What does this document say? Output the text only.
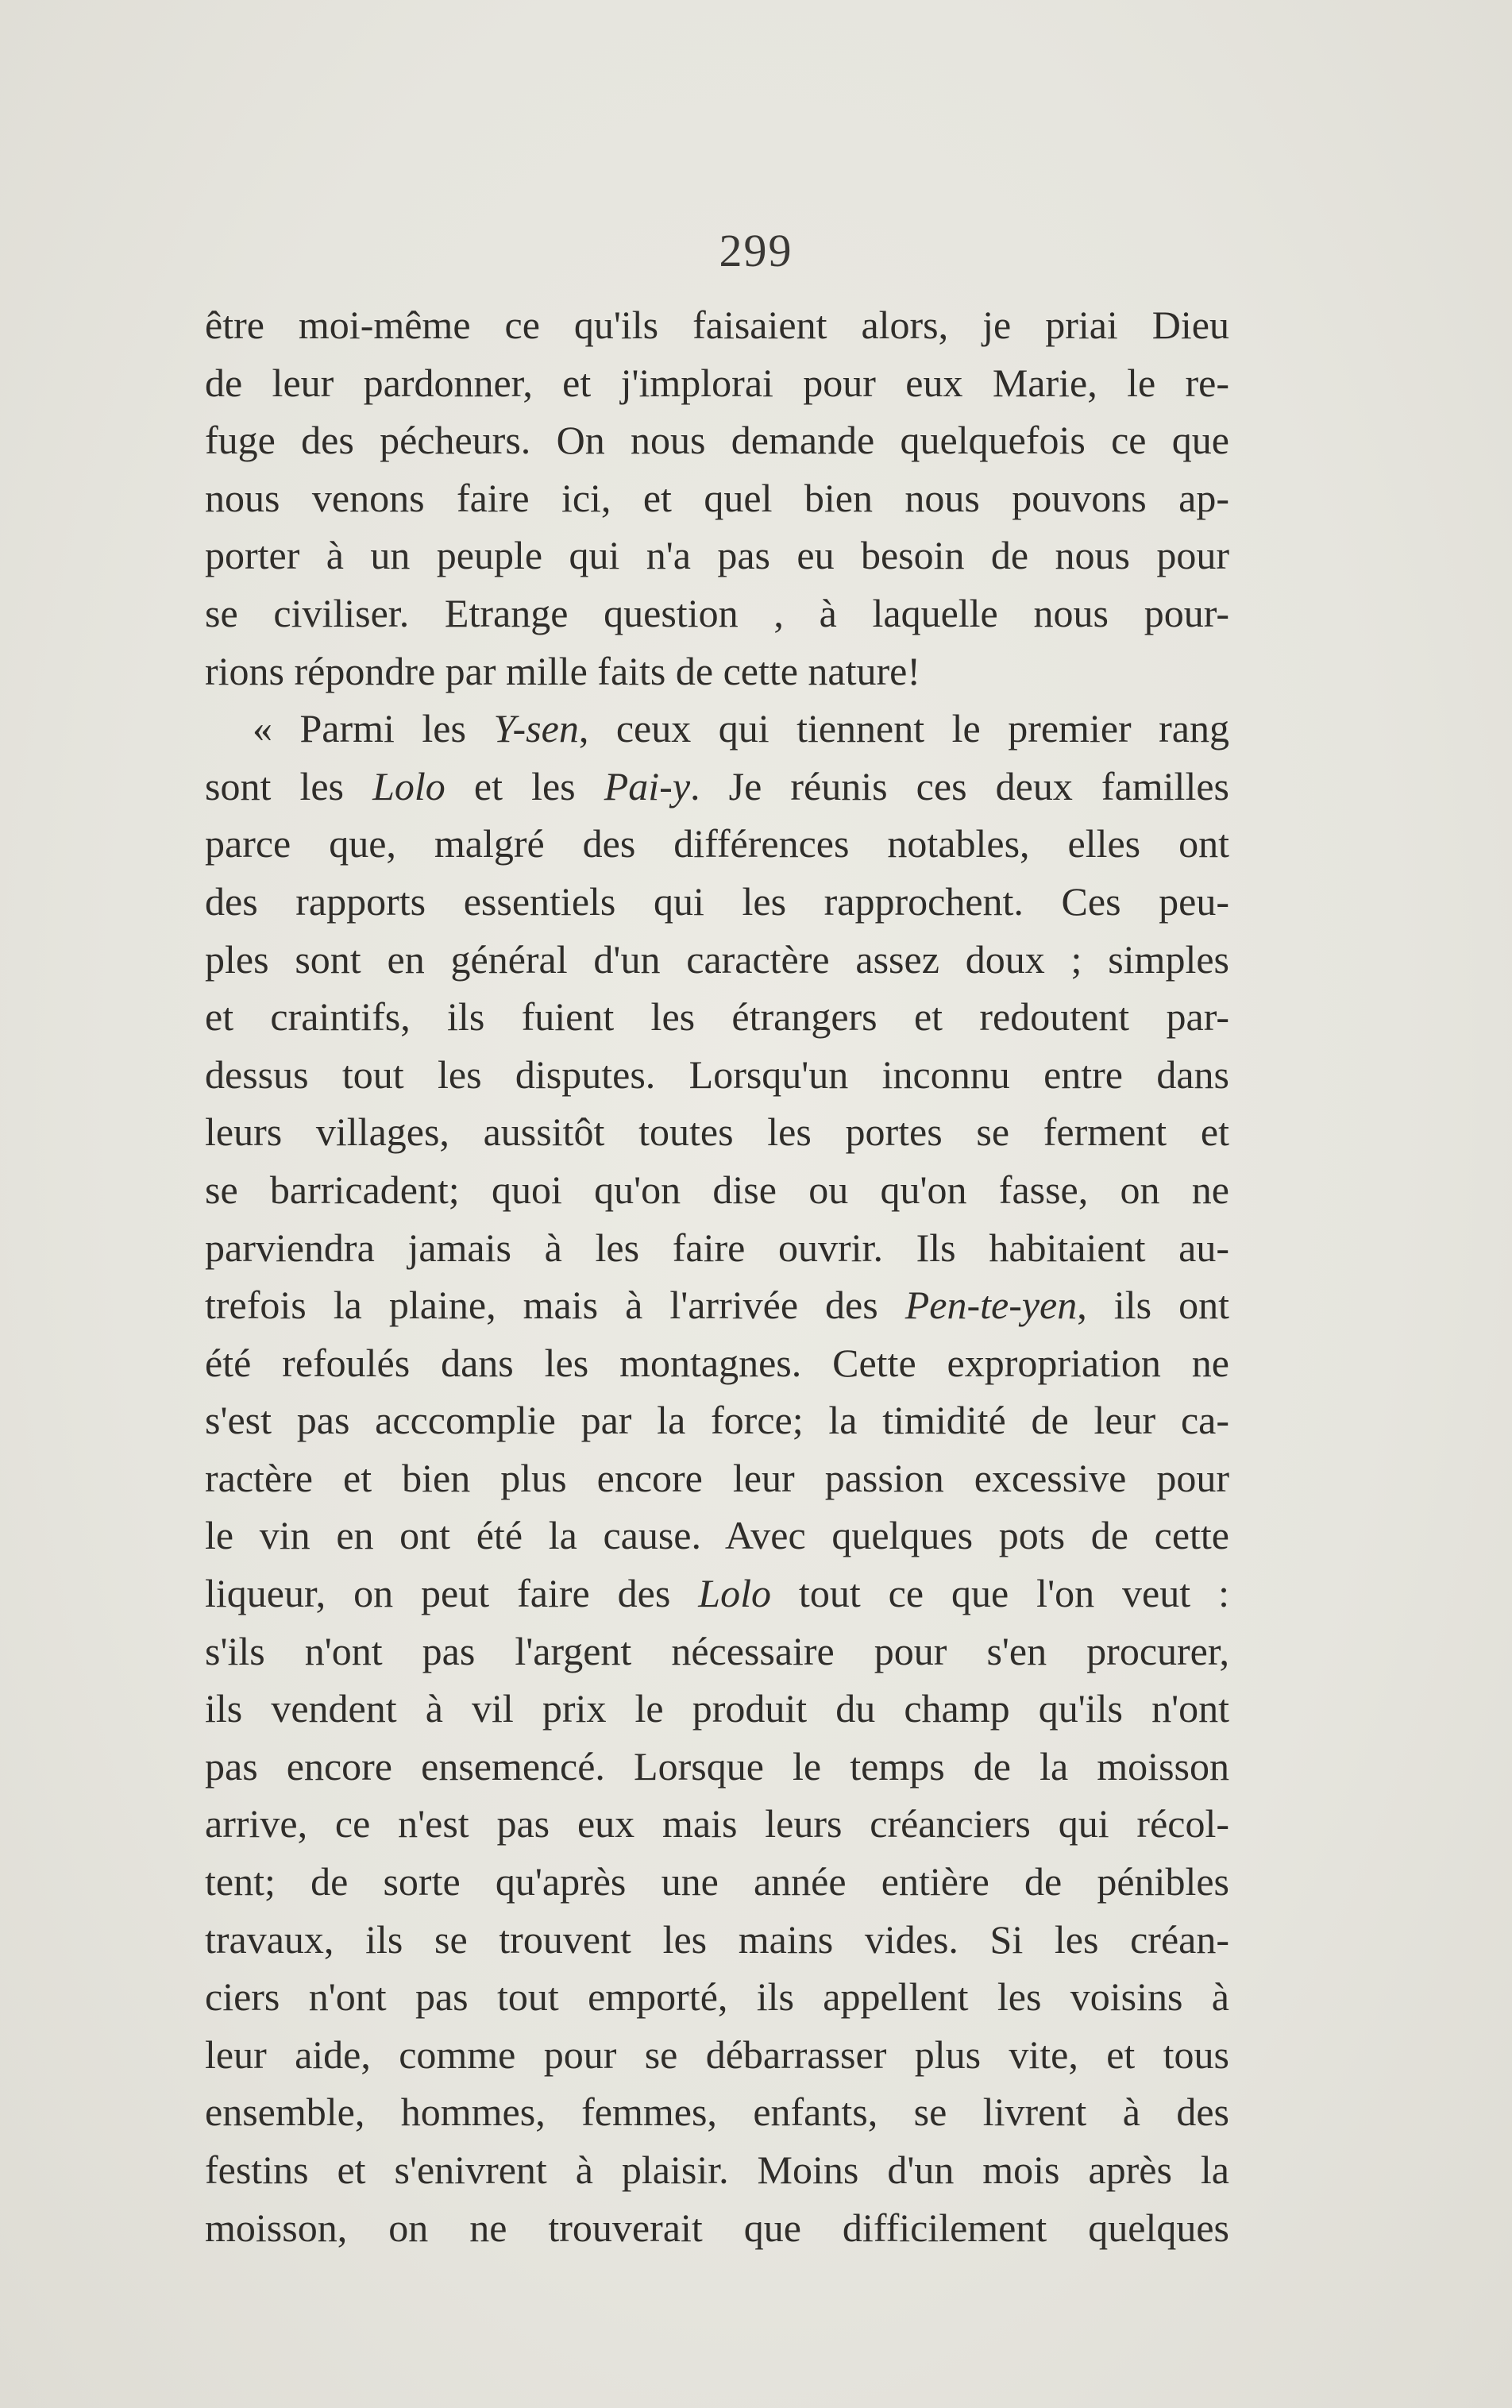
299
être moi-même ce qu'ils faisaient alors, je priai Dieu
de leur pardonner, et j'implorai pour eux Marie, le re-
fuge des pécheurs. On nous demande quelquefois ce que
nous venons faire ici, et quel bien nous pouvons ap-
porter à un peuple qui n'a pas eu besoin de nous pour
se civiliser. Etrange question , à laquelle nous pour-
rions répondre par mille faits de cette nature!
« Parmi les Y-sen, ceux qui tiennent le premier rang
sont les Lolo et les Pai-y. Je réunis ces deux familles
parce que, malgré des différences notables, elles ont
des rapports essentiels qui les rapprochent. Ces peu-
ples sont en général d'un caractère assez doux ; simples
et craintifs, ils fuient les étrangers et redoutent par-
dessus tout les disputes. Lorsqu'un inconnu entre dans
leurs villages, aussitôt toutes les portes se ferment et
se barricadent; quoi qu'on dise ou qu'on fasse, on ne
parviendra jamais à les faire ouvrir. Ils habitaient au-
trefois la plaine, mais à l'arrivée des Pen-te-yen, ils ont
été refoulés dans les montagnes. Cette expropriation ne
s'est pas acccomplie par la force; la timidité de leur ca-
ractère et bien plus encore leur passion excessive pour
le vin en ont été la cause. Avec quelques pots de cette
liqueur, on peut faire des Lolo tout ce que l'on veut :
s'ils n'ont pas l'argent nécessaire pour s'en procurer,
ils vendent à vil prix le produit du champ qu'ils n'ont
pas encore ensemencé. Lorsque le temps de la moisson
arrive, ce n'est pas eux mais leurs créanciers qui récol-
tent; de sorte qu'après une année entière de pénibles
travaux, ils se trouvent les mains vides. Si les créan-
ciers n'ont pas tout emporté, ils appellent les voisins à
leur aide, comme pour se débarrasser plus vite, et tous
ensemble, hommes, femmes, enfants, se livrent à des
festins et s'enivrent à plaisir. Moins d'un mois après la
moisson, on ne trouverait que difficilement quelques
